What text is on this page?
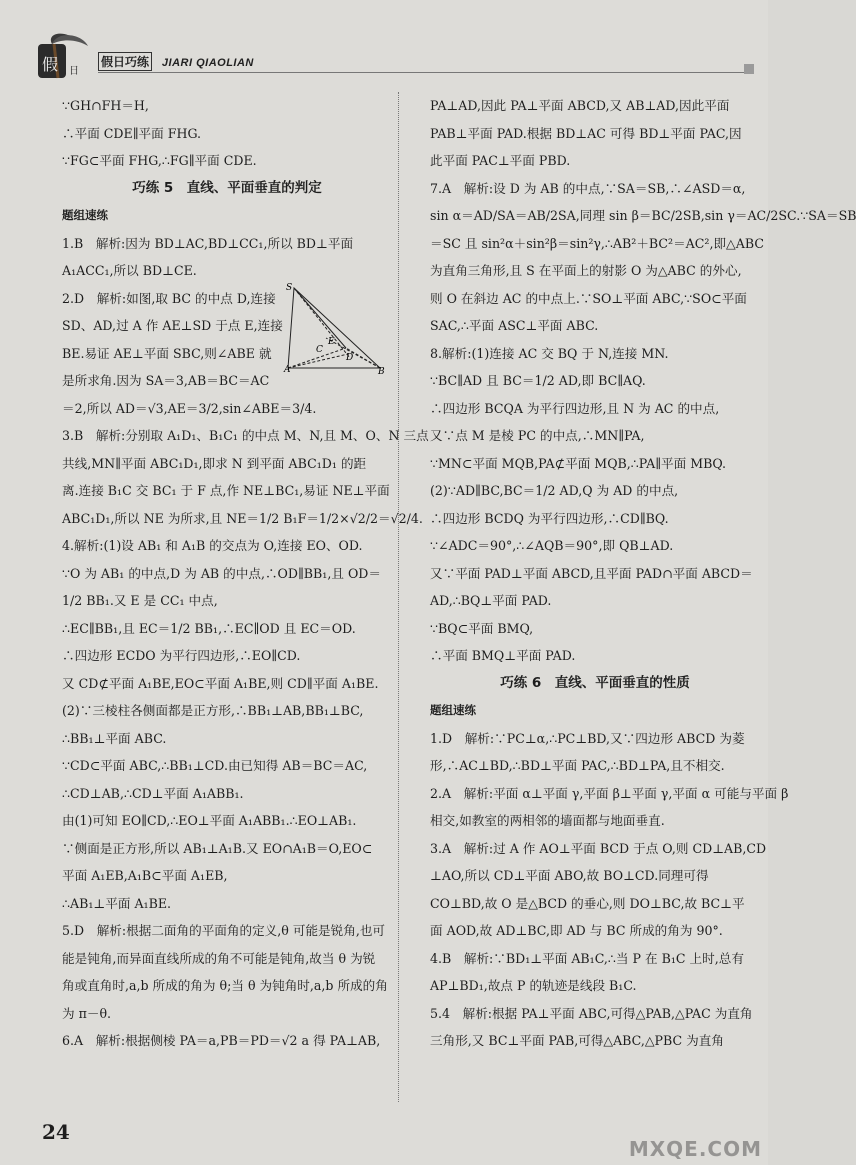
假 日
假日巧练 JIARI QIAOLIAN

∵GH∩FH＝H,

∴平面 CDE∥平面 FHG.

∵FG⊂平面 FHG,∴FG∥平面 CDE.

巧练 5　直线、平面垂直的判定

题组速练

1.B　解析:因为 BD⊥AC,BD⊥CC₁,所以 BD⊥平面

A₁ACC₁,所以 BD⊥CE.

2.D　解析:如图,取 BC 的中点 D,连接

SD、AD,过 A 作 AE⊥SD 于点 E,连接

BE.易证 AE⊥平面 SBC,则∠ABE 就

是所求角.因为 SA＝3,AB＝BC＝AC

＝2,所以 AD＝√3,AE＝3/2,sin∠ABE＝3/4.

3.B　解析:分别取 A₁D₁、B₁C₁ 的中点 M、N,且 M、O、N 三点

共线,MN∥平面 ABC₁D₁,即求 N 到平面 ABC₁D₁ 的距

离.连接 B₁C 交 BC₁ 于 F 点,作 NE⊥BC₁,易证 NE⊥平面

ABC₁D₁,所以 NE 为所求,且 NE＝1/2 B₁F＝1/2×√2/2＝√2/4.

4.解析:(1)设 AB₁ 和 A₁B 的交点为 O,连接 EO、OD.

∵O 为 AB₁ 的中点,D 为 AB 的中点,∴OD∥BB₁,且 OD＝

1/2 BB₁.又 E 是 CC₁ 中点,

∴EC∥BB₁,且 EC＝1/2 BB₁,∴EC∥OD 且 EC＝OD.

∴四边形 ECDO 为平行四边形,∴EO∥CD.

又 CD⊄平面 A₁BE,EO⊂平面 A₁BE,则 CD∥平面 A₁BE.

(2)∵三棱柱各侧面都是正方形,∴BB₁⊥AB,BB₁⊥BC,

∴BB₁⊥平面 ABC.

∵CD⊂平面 ABC,∴BB₁⊥CD.由已知得 AB＝BC＝AC,

∴CD⊥AB,∴CD⊥平面 A₁ABB₁.

由(1)可知 EO∥CD,∴EO⊥平面 A₁ABB₁.∴EO⊥AB₁.

∵侧面是正方形,所以 AB₁⊥A₁B.又 EO∩A₁B＝O,EO⊂

平面 A₁EB,A₁B⊂平面 A₁EB,

∴AB₁⊥平面 A₁BE.

5.D　解析:根据二面角的平面角的定义,θ 可能是锐角,也可

能是钝角,而异面直线所成的角不可能是钝角,故当 θ 为锐

角或直角时,a,b 所成的角为 θ;当 θ 为钝角时,a,b 所成的角

为 π－θ.

6.A　解析:根据侧棱 PA＝a,PB＝PD＝√2 a 得 PA⊥AB,

S
A	B
C
D
E

PA⊥AD,因此 PA⊥平面 ABCD,又 AB⊥AD,因此平面

PAB⊥平面 PAD.根据 BD⊥AC 可得 BD⊥平面 PAC,因

此平面 PAC⊥平面 PBD.

7.A　解析:设 D 为 AB 的中点,∵SA＝SB,∴∠ASD＝α,

sin α＝AD/SA＝AB/2SA,同理 sin β＝BC/2SB,sin γ＝AC/2SC.∵SA＝SB

＝SC 且 sin²α＋sin²β＝sin²γ,∴AB²＋BC²＝AC²,即△ABC

为直角三角形,且 S 在平面上的射影 O 为△ABC 的外心,

则 O 在斜边 AC 的中点上.∵SO⊥平面 ABC,∵SO⊂平面

SAC,∴平面 ASC⊥平面 ABC.

8.解析:(1)连接 AC 交 BQ 于 N,连接 MN.

∵BC∥AD 且 BC＝1/2 AD,即 BC∥AQ.

∴四边形 BCQA 为平行四边形,且 N 为 AC 的中点,

又∵点 M 是棱 PC 的中点,∴MN∥PA,

∵MN⊂平面 MQB,PA⊄平面 MQB,∴PA∥平面 MBQ.

(2)∵AD∥BC,BC＝1/2 AD,Q 为 AD 的中点,

∴四边形 BCDQ 为平行四边形,∴CD∥BQ.

∵∠ADC＝90°,∴∠AQB＝90°,即 QB⊥AD.

又∵平面 PAD⊥平面 ABCD,且平面 PAD∩平面 ABCD＝

AD,∴BQ⊥平面 PAD.

∵BQ⊂平面 BMQ,

∴平面 BMQ⊥平面 PAD.

巧练 6　直线、平面垂直的性质

题组速练

1.D　解析:∵PC⊥α,∴PC⊥BD,又∵四边形 ABCD 为菱

形,∴AC⊥BD,∴BD⊥平面 PAC,∴BD⊥PA,且不相交.

2.A　解析:平面 α⊥平面 γ,平面 β⊥平面 γ,平面 α 可能与平面 β

相交,如教室的两相邻的墙面都与地面垂直.

3.A　解析:过 A 作 AO⊥平面 BCD 于点 O,则 CD⊥AB,CD

⊥AO,所以 CD⊥平面 ABO,故 BO⊥CD.同理可得

CO⊥BD,故 O 是△BCD 的垂心,则 DO⊥BC,故 BC⊥平

面 AOD,故 AD⊥BC,即 AD 与 BC 所成的角为 90°.

4.B　解析:∵BD₁⊥平面 AB₁C,∴当 P 在 B₁C 上时,总有

AP⊥BD₁,故点 P 的轨迹是线段 B₁C.

5.4　解析:根据 PA⊥平面 ABC,可得△PAB,△PAC 为直角

三角形,又 BC⊥平面 PAB,可得△ABC,△PBC 为直角

24
MXQE.COM
